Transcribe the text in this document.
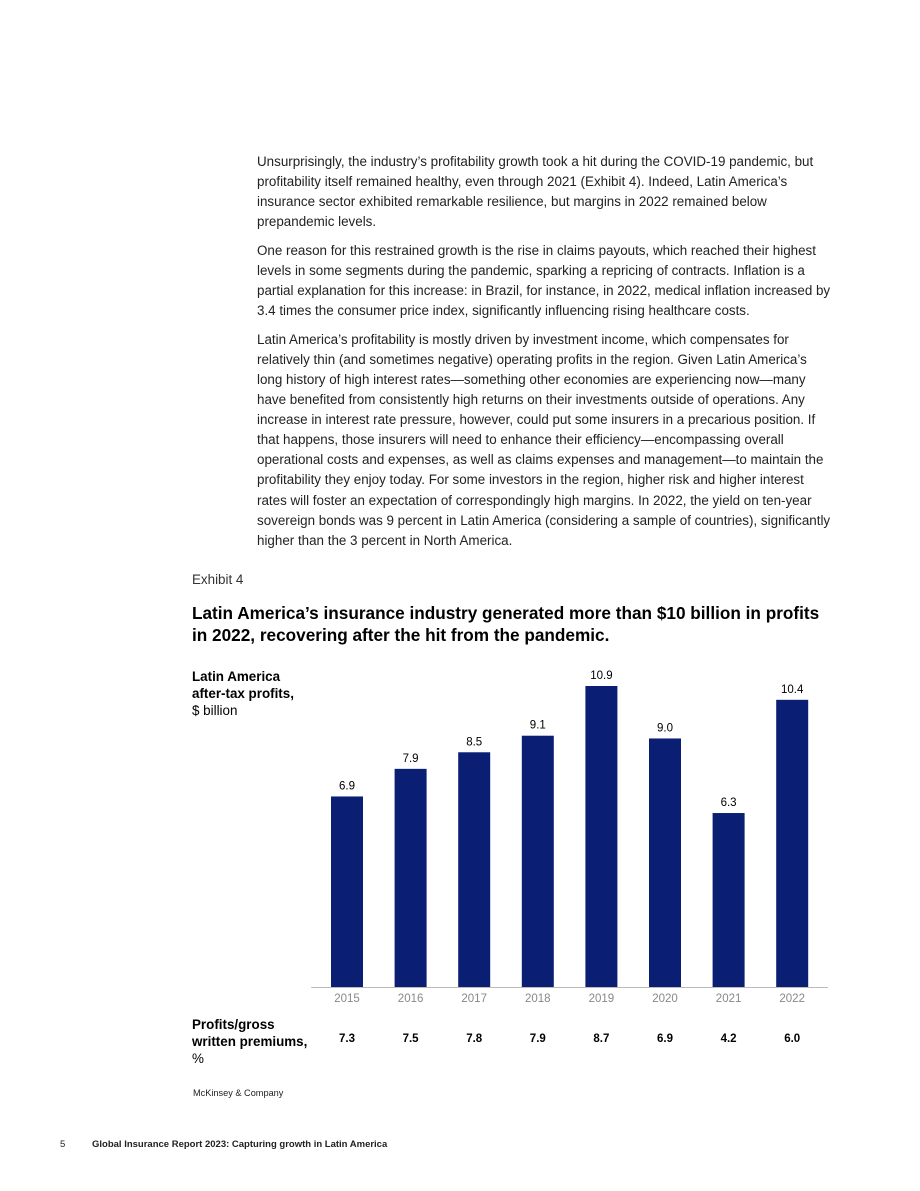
Unsurprisingly, the industry’s profitability growth took a hit during the COVID-19 pandemic, but profitability itself remained healthy, even through 2021 (Exhibit 4). Indeed, Latin America’s insurance sector exhibited remarkable resilience, but margins in 2022 remained below prepandemic levels.

One reason for this restrained growth is the rise in claims payouts, which reached their highest levels in some segments during the pandemic, sparking a repricing of contracts. Inflation is a partial explanation for this increase: in Brazil, for instance, in 2022, medical inflation increased by 3.4 times the consumer price index, significantly influencing rising healthcare costs.

Latin America’s profitability is mostly driven by investment income, which compensates for relatively thin (and sometimes negative) operating profits in the region. Given Latin America’s long history of high interest rates—something other economies are experiencing now—many have benefited from consistently high returns on their investments outside of operations. Any increase in interest rate pressure, however, could put some insurers in a precarious position. If that happens, those insurers will need to enhance their efficiency—encompassing overall operational costs and expenses, as well as claims expenses and management—to maintain the profitability they enjoy today. For some investors in the region, higher risk and higher interest rates will foster an expectation of correspondingly high margins. In 2022, the yield on ten-year sovereign bonds was 9 percent in Latin America (considering a sample of countries), significantly higher than the 3 percent in North America.

Exhibit 4
Latin America’s insurance industry generated more than $10 billion in profits in 2022, recovering after the hit from the pandemic.
Latin America
after-tax profits,
$ billion
6.9
2015
7.9
2016
8.5
2017
9.1
2018
10.9
2019
9.0
2020
6.3
2021
10.4
2022
Profits/gross
written premiums,
%
7.3	7.5	7.8	7.9	8.7	6.9	4.2	6.0
McKinsey & Company
5	Global Insurance Report 2023: Capturing growth in Latin America
